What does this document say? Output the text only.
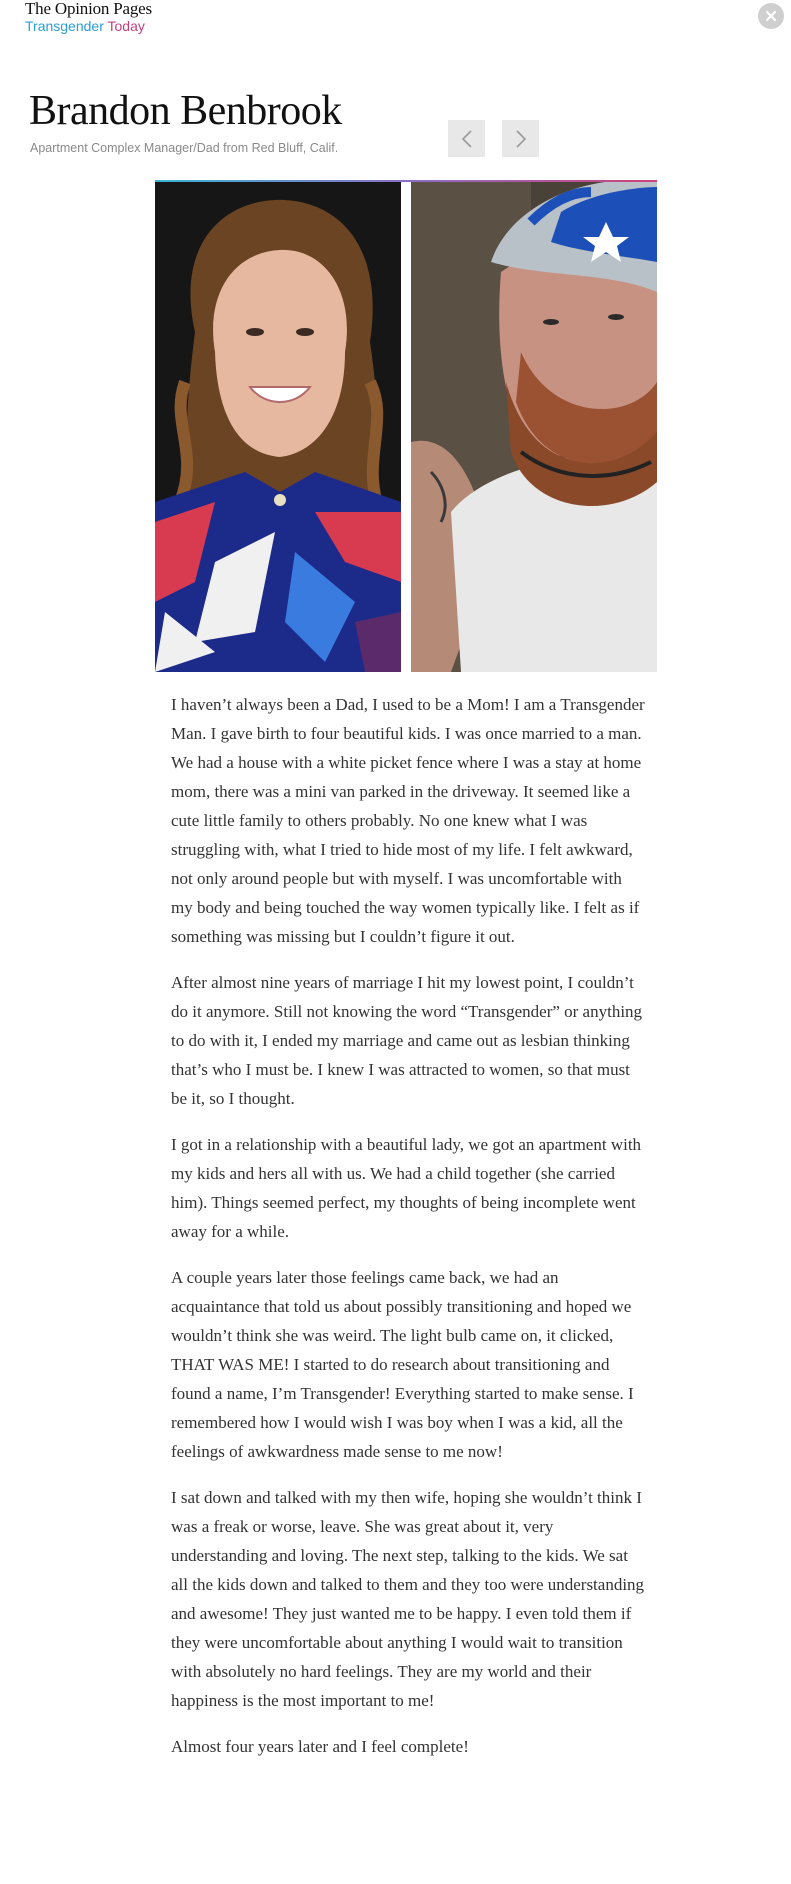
The Opinion Pages
Transgender Today
Brandon Benbrook
Apartment Complex Manager/Dad from Red Bluff, Calif.

I haven’t always been a Dad, I used to be a Mom! I am a Transgender Man. I gave birth to four beautiful kids. I was once married to a man. We had a house with a white picket fence where I was a stay at home mom, there was a mini van parked in the driveway. It seemed like a cute little family to others probably. No one knew what I was struggling with, what I tried to hide most of my life. I felt awkward, not only around people but with myself. I was uncomfortable with my body and being touched the way women typically like. I felt as if something was missing but I couldn’t figure it out.

After almost nine years of marriage I hit my lowest point, I couldn’t do it anymore. Still not knowing the word “Transgender” or anything to do with it, I ended my marriage and came out as lesbian thinking that’s who I must be. I knew I was attracted to women, so that must be it, so I thought.

I got in a relationship with a beautiful lady, we got an apartment with my kids and hers all with us. We had a child together (she carried him). Things seemed perfect, my thoughts of being incomplete went away for a while.

A couple years later those feelings came back, we had an acquaintance that told us about possibly transitioning and hoped we wouldn’t think she was weird. The light bulb came on, it clicked, THAT WAS ME! I started to do research about transitioning and found a name, I’m Transgender! Everything started to make sense. I remembered how I would wish I was boy when I was a kid, all the feelings of awkwardness made sense to me now!

I sat down and talked with my then wife, hoping she wouldn’t think I was a freak or worse, leave. She was great about it, very understanding and loving. The next step, talking to the kids. We sat all the kids down and talked to them and they too were understanding and awesome! They just wanted me to be happy. I even told them if they were uncomfortable about anything I would wait to transition with absolutely no hard feelings. They are my world and their happiness is the most important to me!

Almost four years later and I feel complete!
